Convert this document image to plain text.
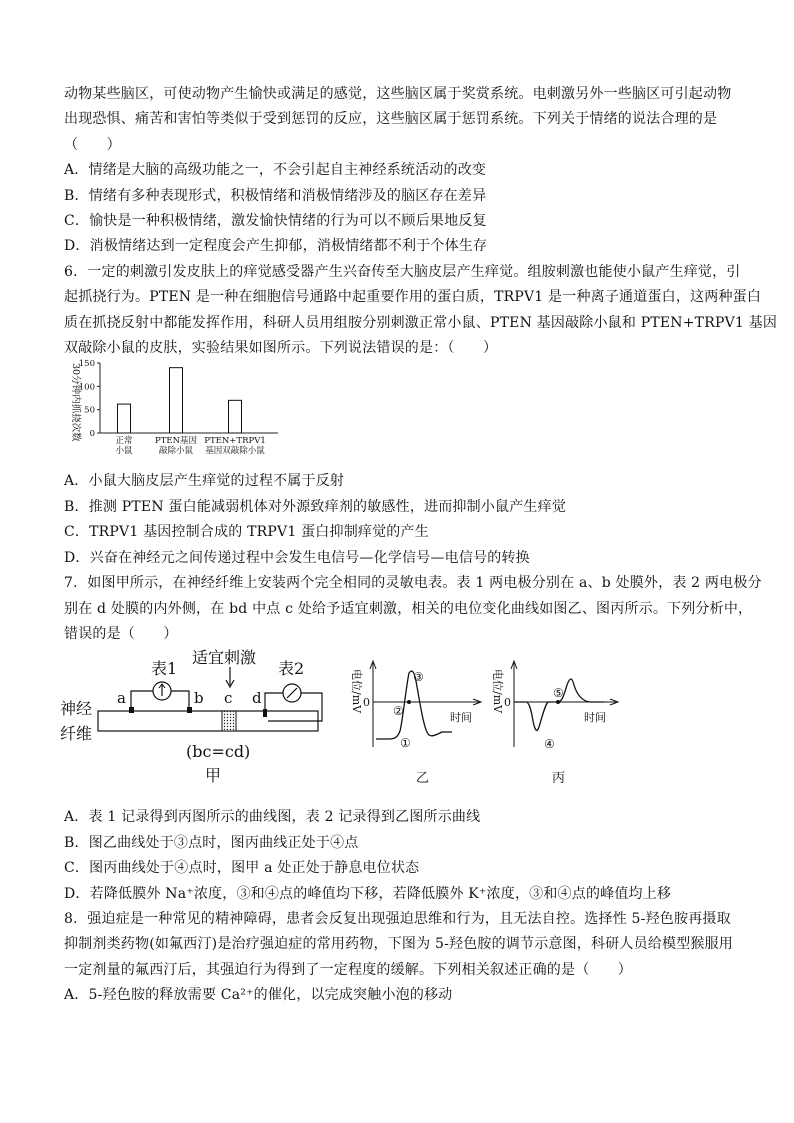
动物某些脑区，可使动物产生愉快或满足的感觉，这些脑区属于奖赏系统。电刺激另外一些脑区可引起动物
出现恐惧、痛苦和害怕等类似于受到惩罚的反应，这些脑区属于惩罚系统。下列关于情绪的说法合理的是
（　　）
A．情绪是大脑的高级功能之一，不会引起自主神经系统活动的改变
B．情绪有多种表现形式，积极情绪和消极情绪涉及的脑区存在差异
C．愉快是一种积极情绪，激发愉快情绪的行为可以不顾后果地反复
D．消极情绪达到一定程度会产生抑郁，消极情绪都不利于个体生存
6．一定的刺激引发皮肤上的痒觉感受器产生兴奋传至大脑皮层产生痒觉。组胺刺激也能使小鼠产生痒觉，引
起抓挠行为。PTEN 是一种在细胞信号通路中起重要作用的蛋白质，TRPV1 是一种离子通道蛋白，这两种蛋白
质在抓挠反射中都能发挥作用，科研人员用组胺分别刺激正常小鼠、PTEN 基因敲除小鼠和 PTEN+TRPV1 基因
双敲除小鼠的皮肤，实验结果如图所示。下列说法错误的是：（　　）
30分钟内抓挠次数 0
50
100
150
正常
小鼠
PTEN基因
敲除小鼠
PTEN+TRPV1
基因双敲除小鼠
A．小鼠大脑皮层产生痒觉的过程不属于反射
B．推测 PTEN 蛋白能减弱机体对外源致痒剂的敏感性，进而抑制小鼠产生痒觉
C．TRPV1 基因控制合成的 TRPV1 蛋白抑制痒觉的产生
D．兴奋在神经元之间传递过程中会发生电信号—化学信号—电信号的转换
7．如图甲所示，在神经纤维上安装两个完全相同的灵敏电表。表 1 两电极分别在 a、b 处膜外，表 2 两电极分
别在 d 处膜的内外侧，在 bd 中点 c 处给予适宜刺激，相关的电位变化曲线如图乙、图丙所示。下列分析中，
错误的是（　　）
神经
纤维
表1
a	b
适宜刺激
c
表2
d
(bc=cd)
甲
电位/mV 0
时间
③
②
①
乙
电位/mV 0
时间
④
⑤
丙
A．表 1 记录得到丙图所示的曲线图，表 2 记录得到乙图所示曲线
B．图乙曲线处于③点时，图丙曲线正处于④点
C．图丙曲线处于④点时，图甲 a 处正处于静息电位状态
D．若降低膜外 Na⁺浓度，③和④点的峰值均下移，若降低膜外 K⁺浓度，③和④点的峰值均上移
8．强迫症是一种常见的精神障碍，患者会反复出现强迫思维和行为，且无法自控。选择性 5-羟色胺再摄取
抑制剂类药物(如氟西汀)是治疗强迫症的常用药物，下图为 5-羟色胺的调节示意图，科研人员给模型猴服用
一定剂量的氟西汀后，其强迫行为得到了一定程度的缓解。下列相关叙述正确的是（　　）
A．5-羟色胺的释放需要 Ca²⁺的催化，以完成突触小泡的移动
